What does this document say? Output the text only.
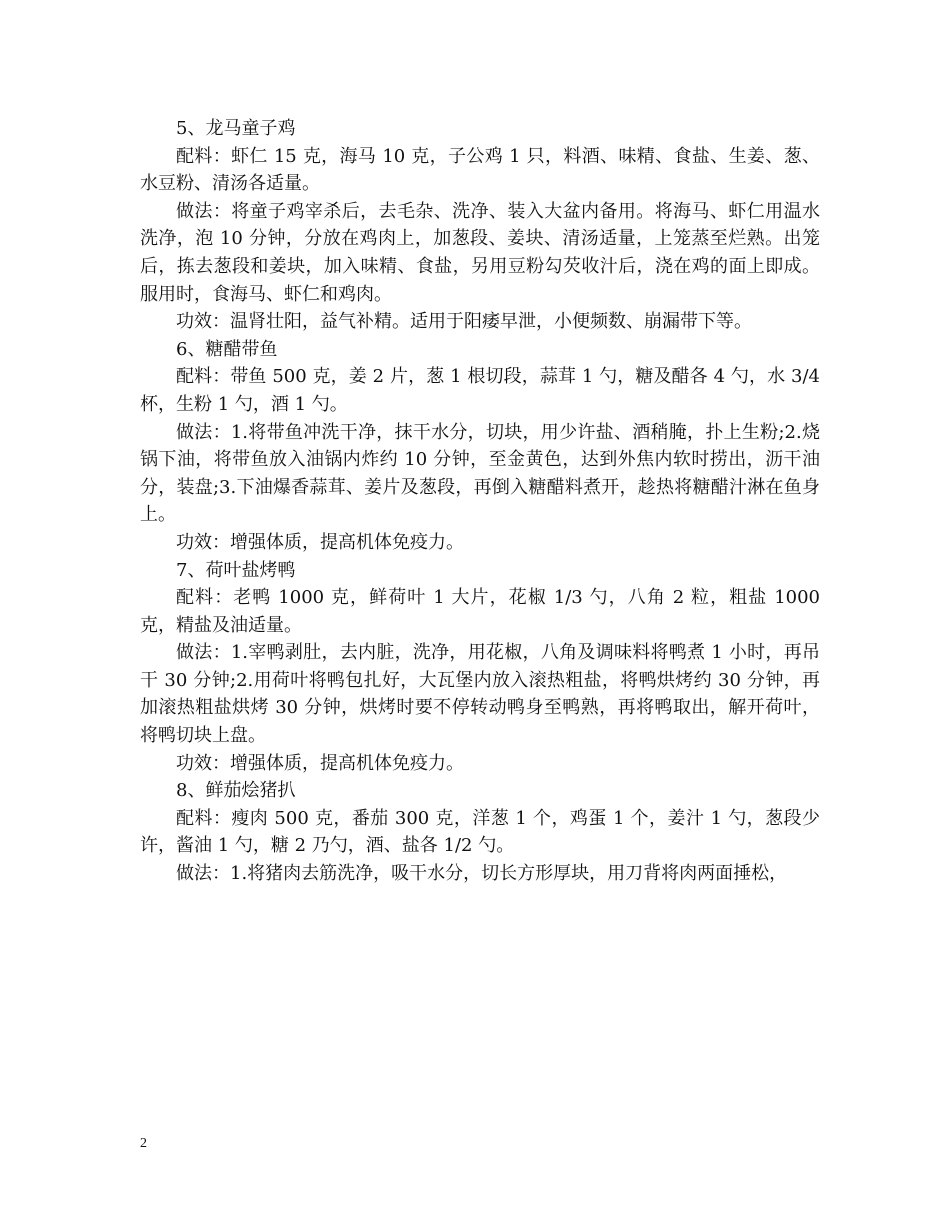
5、龙马童子鸡

配料：虾仁 15 克，海马 10 克，子公鸡 1 只，料酒、味精、食盐、生姜、葱、水豆粉、清汤各适量。

做法：将童子鸡宰杀后，去毛杂、洗净、装入大盆内备用。将海马、虾仁用温水洗净，泡 10 分钟，分放在鸡肉上，加葱段、姜块、清汤适量，上笼蒸至烂熟。出笼后，拣去葱段和姜块，加入味精、食盐，另用豆粉勾芡收汁后，浇在鸡的面上即成。服用时，食海马、虾仁和鸡肉。

功效：温肾壮阳，益气补精。适用于阳痿早泄，小便频数、崩漏带下等。

6、糖醋带鱼

配料：带鱼 500 克，姜 2 片，葱 1 根切段，蒜茸 1 勺，糖及醋各 4 勺，水 3/4 杯，生粉 1 勺，酒 1 勺。

做法：1.将带鱼冲洗干净，抹干水分，切块，用少许盐、酒稍腌，扑上生粉;2.烧锅下油，将带鱼放入油锅内炸约 10 分钟，至金黄色，达到外焦内软时捞出，沥干油分，装盘;3.下油爆香蒜茸、姜片及葱段，再倒入糖醋料煮开，趁热将糖醋汁淋在鱼身上。

功效：增强体质，提高机体免疫力。

7、荷叶盐烤鸭

配料：老鸭 1000 克，鲜荷叶 1 大片，花椒 1/3 勺，八角 2 粒，粗盐 1000 克，精盐及油适量。

做法：1.宰鸭剥肚，去内脏，洗净，用花椒，八角及调味料将鸭煮 1 小时，再吊干 30 分钟;2.用荷叶将鸭包扎好，大瓦堡内放入滚热粗盐，将鸭烘烤约 30 分钟，再加滚热粗盐烘烤 30 分钟，烘烤时要不停转动鸭身至鸭熟，再将鸭取出，解开荷叶，将鸭切块上盘。

功效：增强体质，提高机体免疫力。

8、鲜茄烩猪扒

配料：瘦肉 500 克，番茄 300 克，洋葱 1 个，鸡蛋 1 个，姜汁 1 勺，葱段少许，酱油 1 勺，糖 2 乃勺，酒、盐各 1/2 勺。

做法：1.将猪肉去筋洗净，吸干水分，切长方形厚块，用刀背将肉两面捶松，

2
